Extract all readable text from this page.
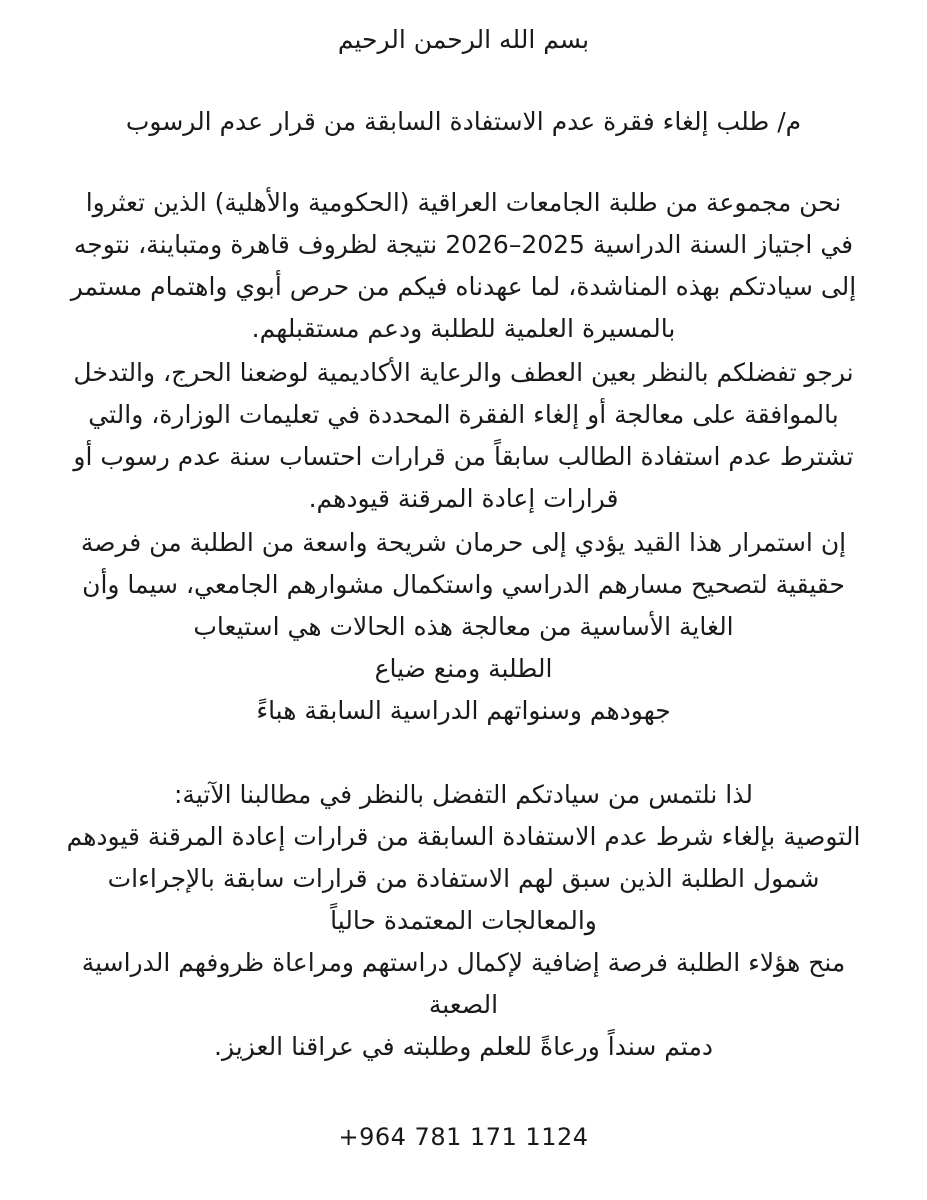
بسم الله الرحمن الرحيم
م/ طلب إلغاء فقرة عدم الاستفادة السابقة من قرار عدم الرسوب
نحن مجموعة من طلبة الجامعات العراقية (الحكومية والأهلية) الذين تعثروا
في اجتياز السنة الدراسية 2025–2026 نتيجة لظروف قاهرة ومتباينة، نتوجه
إلى سيادتكم بهذه المناشدة، لما عهدناه فيكم من حرص أبوي واهتمام مستمر
بالمسيرة العلمية للطلبة ودعم مستقبلهم.
نرجو تفضلكم بالنظر بعين العطف والرعاية الأكاديمية لوضعنا الحرج، والتدخل
بالموافقة على معالجة أو إلغاء الفقرة المحددة في تعليمات الوزارة، والتي
تشترط عدم استفادة الطالب سابقاً من قرارات احتساب سنة عدم رسوب أو
قرارات إعادة المرقنة قيودهم.
إن استمرار هذا القيد يؤدي إلى حرمان شريحة واسعة من الطلبة من فرصة
حقيقية لتصحيح مسارهم الدراسي واستكمال مشوارهم الجامعي، سيما وأن
الغاية الأساسية من معالجة هذه الحالات هي استيعاب
الطلبة ومنع ضياع
جهودهم وسنواتهم الدراسية السابقة هباءً
لذا نلتمس من سيادتكم التفضل بالنظر في مطالبنا الآتية:
التوصية بإلغاء شرط عدم الاستفادة السابقة من قرارات إعادة المرقنة قيودهم
شمول الطلبة الذين سبق لهم الاستفادة من قرارات سابقة بالإجراءات
والمعالجات المعتمدة حالياً
منح هؤلاء الطلبة فرصة إضافية لإكمال دراستهم ومراعاة ظروفهم الدراسية
الصعبة
دمتم سنداً ورعاةً للعلم وطلبته في عراقنا العزيز.
+964 781 171 1124
